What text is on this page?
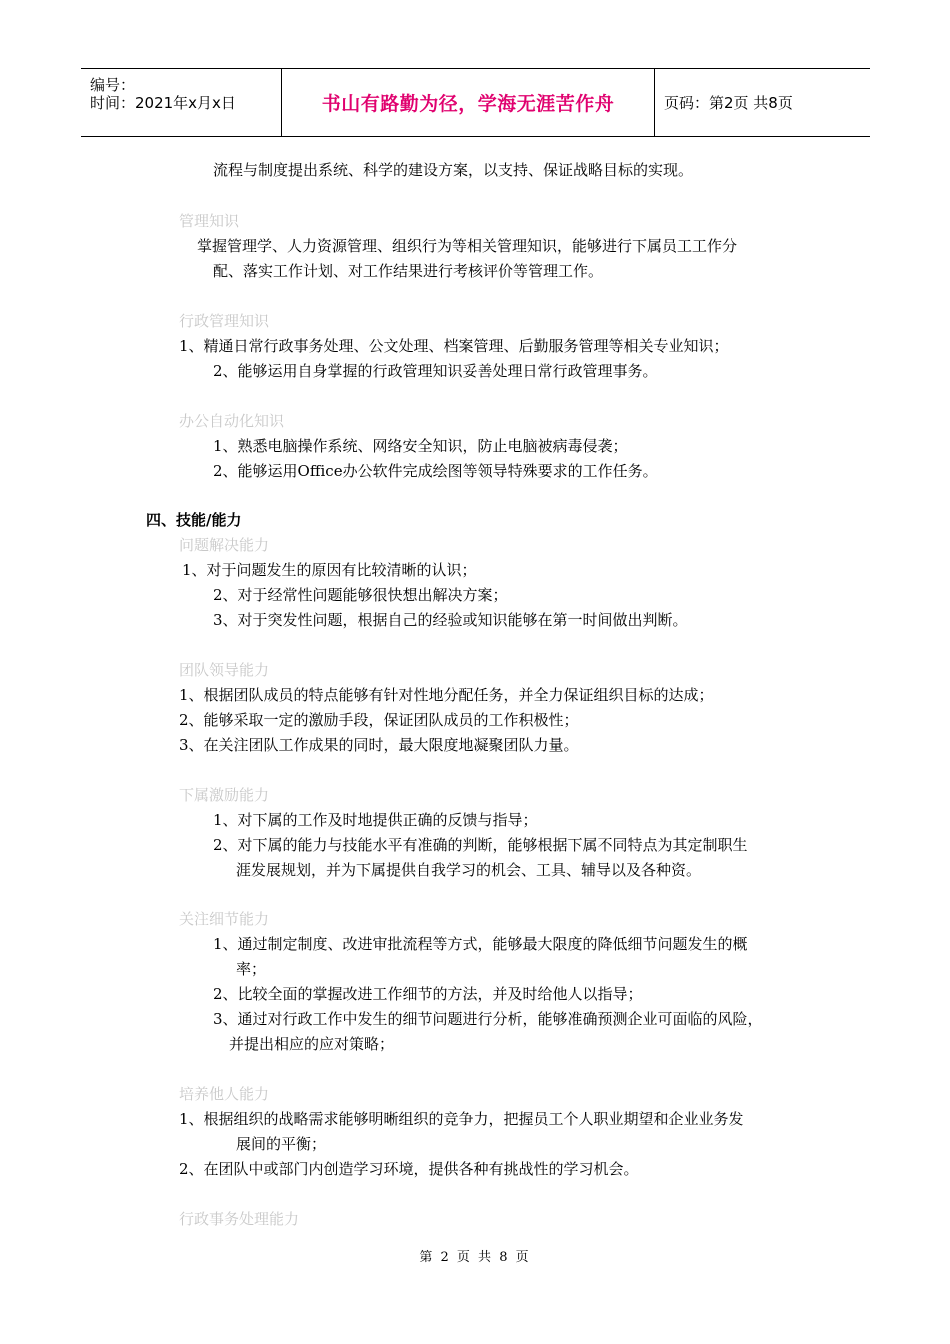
编号：
时间：2021年x月x日	书山有路勤为径，学海无涯苦作舟	页码：第2页 共8页
流程与制度提出系统、科学的建设方案，以支持、保证战略目标的实现。
管理知识
掌握管理学、人力资源管理、组织行为等相关管理知识，能够进行下属员工工作分
配、落实工作计划、对工作结果进行考核评价等管理工作。
行政管理知识
1、精通日常行政事务处理、公文处理、档案管理、后勤服务管理等相关专业知识；
2、能够运用自身掌握的行政管理知识妥善处理日常行政管理事务。
办公自动化知识
1、熟悉电脑操作系统、网络安全知识，防止电脑被病毒侵袭；
2、能够运用Office办公软件完成绘图等领导特殊要求的工作任务。
四、技能/能力
问题解决能力
1、对于问题发生的原因有比较清晰的认识；
2、对于经常性问题能够很快想出解决方案；
3、对于突发性问题，根据自己的经验或知识能够在第一时间做出判断。
团队领导能力
1、根据团队成员的特点能够有针对性地分配任务，并全力保证组织目标的达成；
2、能够采取一定的激励手段，保证团队成员的工作积极性；
3、在关注团队工作成果的同时，最大限度地凝聚团队力量。
下属激励能力
1、对下属的工作及时地提供正确的反馈与指导；
2、对下属的能力与技能水平有准确的判断，能够根据下属不同特点为其定制职生
涯发展规划，并为下属提供自我学习的机会、工具、辅导以及各种资。
关注细节能力
1、通过制定制度、改进审批流程等方式，能够最大限度的降低细节问题发生的概
率；
2、比较全面的掌握改进工作细节的方法，并及时给他人以指导；
3、通过对行政工作中发生的细节问题进行分析，能够准确预测企业可面临的风险，
并提出相应的应对策略；
培养他人能力
1、根据组织的战略需求能够明晰组织的竞争力，把握员工个人职业期望和企业业务发
展间的平衡；
2、在团队中或部门内创造学习环境，提供各种有挑战性的学习机会。
行政事务处理能力
第 2 页 共 8 页
